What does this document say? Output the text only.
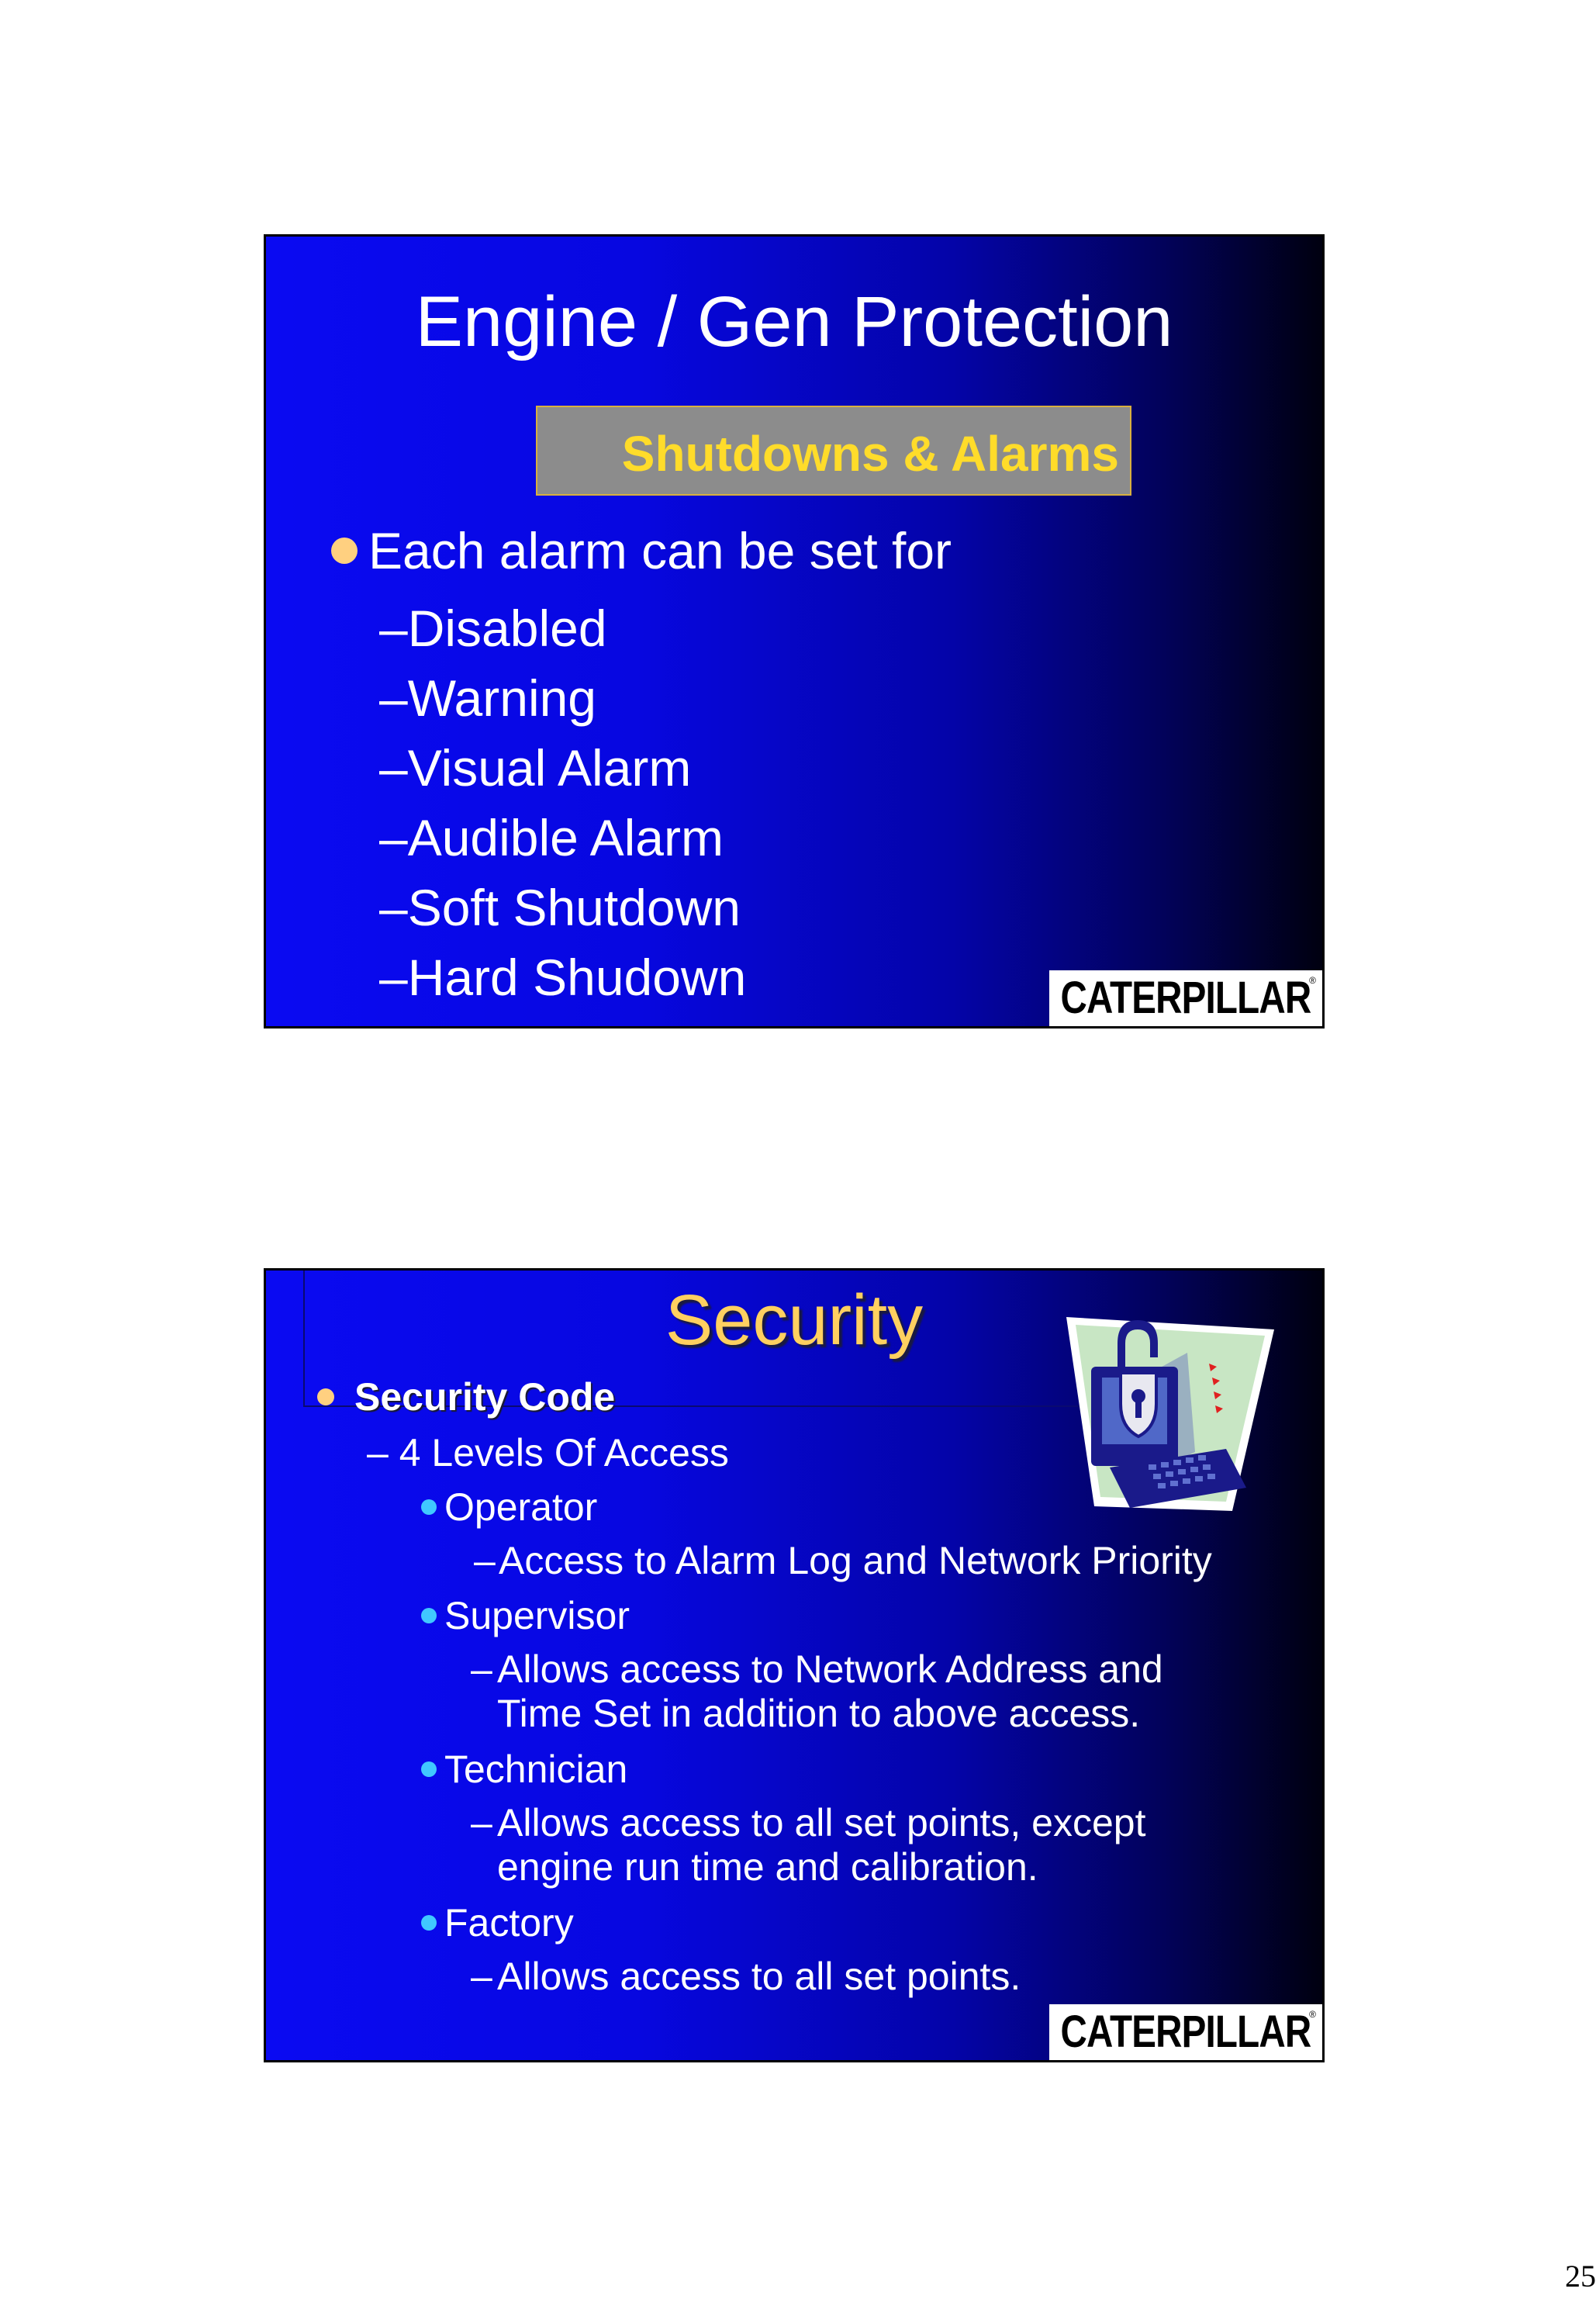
Engine / Gen Protection
Shutdowns & Alarms
Each alarm can be set for
–Disabled
–Warning
–Visual Alarm
–Audible Alarm
–Soft Shutdown
–Hard Shudown	CATERPILLAR
®
Security
Security Code
– 4 Levels Of Access
Operator
– Access to Alarm Log and Network Priority
Supervisor
– Allows access to Network Address and Time Set in addition to above access.
Technician
– Allows access to all set points, except engine run time and calibration.
Factory
– Allows access to all set points.
CATERPILLAR
®
25
